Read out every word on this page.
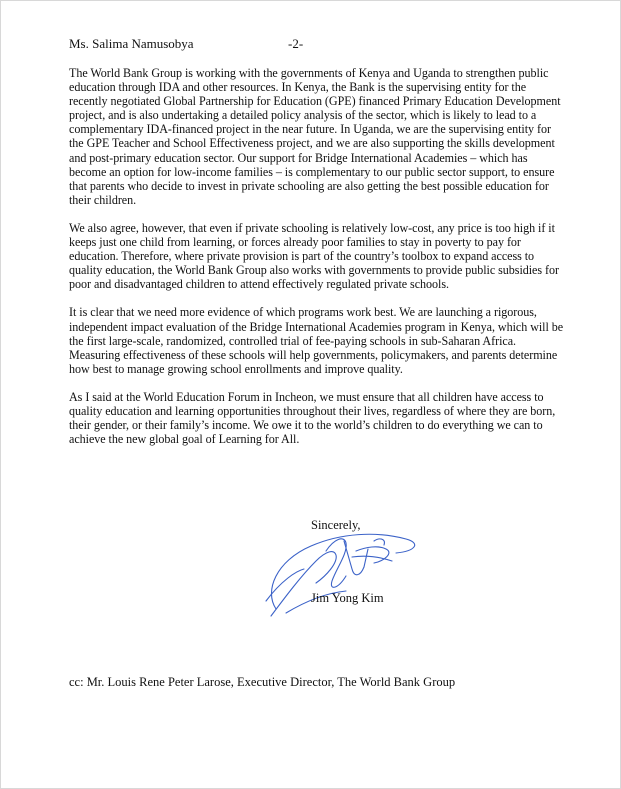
Ms. Salima Namusobya	-2-

The World Bank Group is working with the governments of Kenya and Uganda to strengthen public education through IDA and other resources. In Kenya, the Bank is the supervising entity for the recently negotiated Global Partnership for Education (GPE) financed Primary Education Development project, and is also undertaking a detailed policy analysis of the sector, which is likely to lead to a complementary IDA-financed project in the near future. In Uganda, we are the supervising entity for the GPE Teacher and School Effectiveness project, and we are also supporting the skills development and post-primary education sector. Our support for Bridge International Academies – which has become an option for low-income families – is complementary to our public sector support, to ensure that parents who decide to invest in private schooling are also getting the best possible education for their children.

We also agree, however, that even if private schooling is relatively low-cost, any price is too high if it keeps just one child from learning, or forces already poor families to stay in poverty to pay for education. Therefore, where private provision is part of the country’s toolbox to expand access to quality education, the World Bank Group also works with governments to provide public subsidies for poor and disadvantaged children to attend effectively regulated private schools.

It is clear that we need more evidence of which programs work best. We are launching a rigorous, independent impact evaluation of the Bridge International Academies program in Kenya, which will be the first large-scale, randomized, controlled trial of fee-paying schools in sub-Saharan Africa. Measuring effectiveness of these schools will help governments, policymakers, and parents determine how best to manage growing school enrollments and improve quality.

As I said at the World Education Forum in Incheon, we must ensure that all children have access to quality education and learning opportunities throughout their lives, regardless of where they are born, their gender, or their family’s income. We owe it to the world’s children to do everything we can to achieve the new global goal of Learning for All.

Sincerely,
Jim Yong Kim
cc: Mr. Louis Rene Peter Larose, Executive Director, The World Bank Group
